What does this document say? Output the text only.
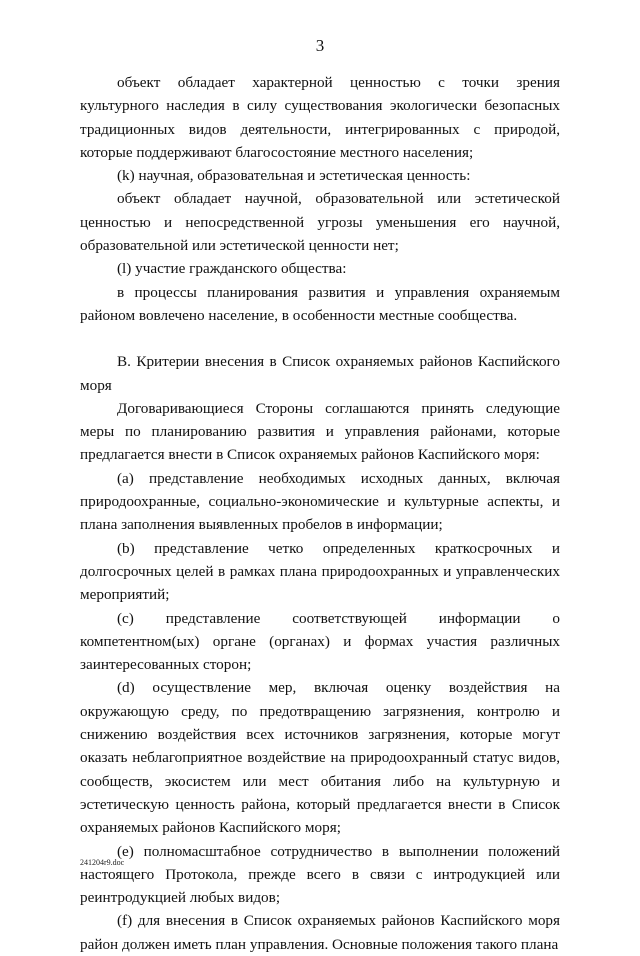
3

объект обладает характерной ценностью с точки зрения культурного наследия в силу существования экологически безопасных традиционных видов деятельности, интегрированных с природой, которые поддерживают благосостояние местного населения;

(k) научная, образовательная и эстетическая ценность:

объект обладает научной, образовательной или эстетической ценностью и непосредственной угрозы уменьшения его научной, образовательной или эстетической ценности нет;

(l) участие гражданского общества:

в процессы планирования развития и управления охраняемым районом вовлечено население, в особенности местные сообщества.

B. Критерии внесения в Список охраняемых районов Каспийского моря

Договаривающиеся Стороны соглашаются принять следующие меры по планированию развития и управления районами, которые предлагается внести в Список охраняемых районов Каспийского моря:

(a) представление необходимых исходных данных, включая природоохранные, социально-экономические и культурные аспекты, и плана заполнения выявленных пробелов в информации;

(b) представление четко определенных краткосрочных и долгосрочных целей в рамках плана природоохранных и управленческих мероприятий;

(c) представление соответствующей информации о компетентном(ых) органе (органах) и формах участия различных заинтересованных сторон;

(d) осуществление мер, включая оценку воздействия на окружающую среду, по предотвращению загрязнения, контролю и снижению воздействия всех источников загрязнения, которые могут оказать неблагоприятное воздействие на природоохранный статус видов, сообществ, экосистем или мест обитания либо на культурную и эстетическую ценность района, который предлагается внести в Список охраняемых районов Каспийского моря;

(e) полномасштабное сотрудничество в выполнении положений настоящего Протокола, прежде всего в связи с интродукцией или реинтродукцией любых видов;

(f) для внесения в Список охраняемых районов Каспийского моря район должен иметь план управления. Основные положения такого плана

241204r9.doc
